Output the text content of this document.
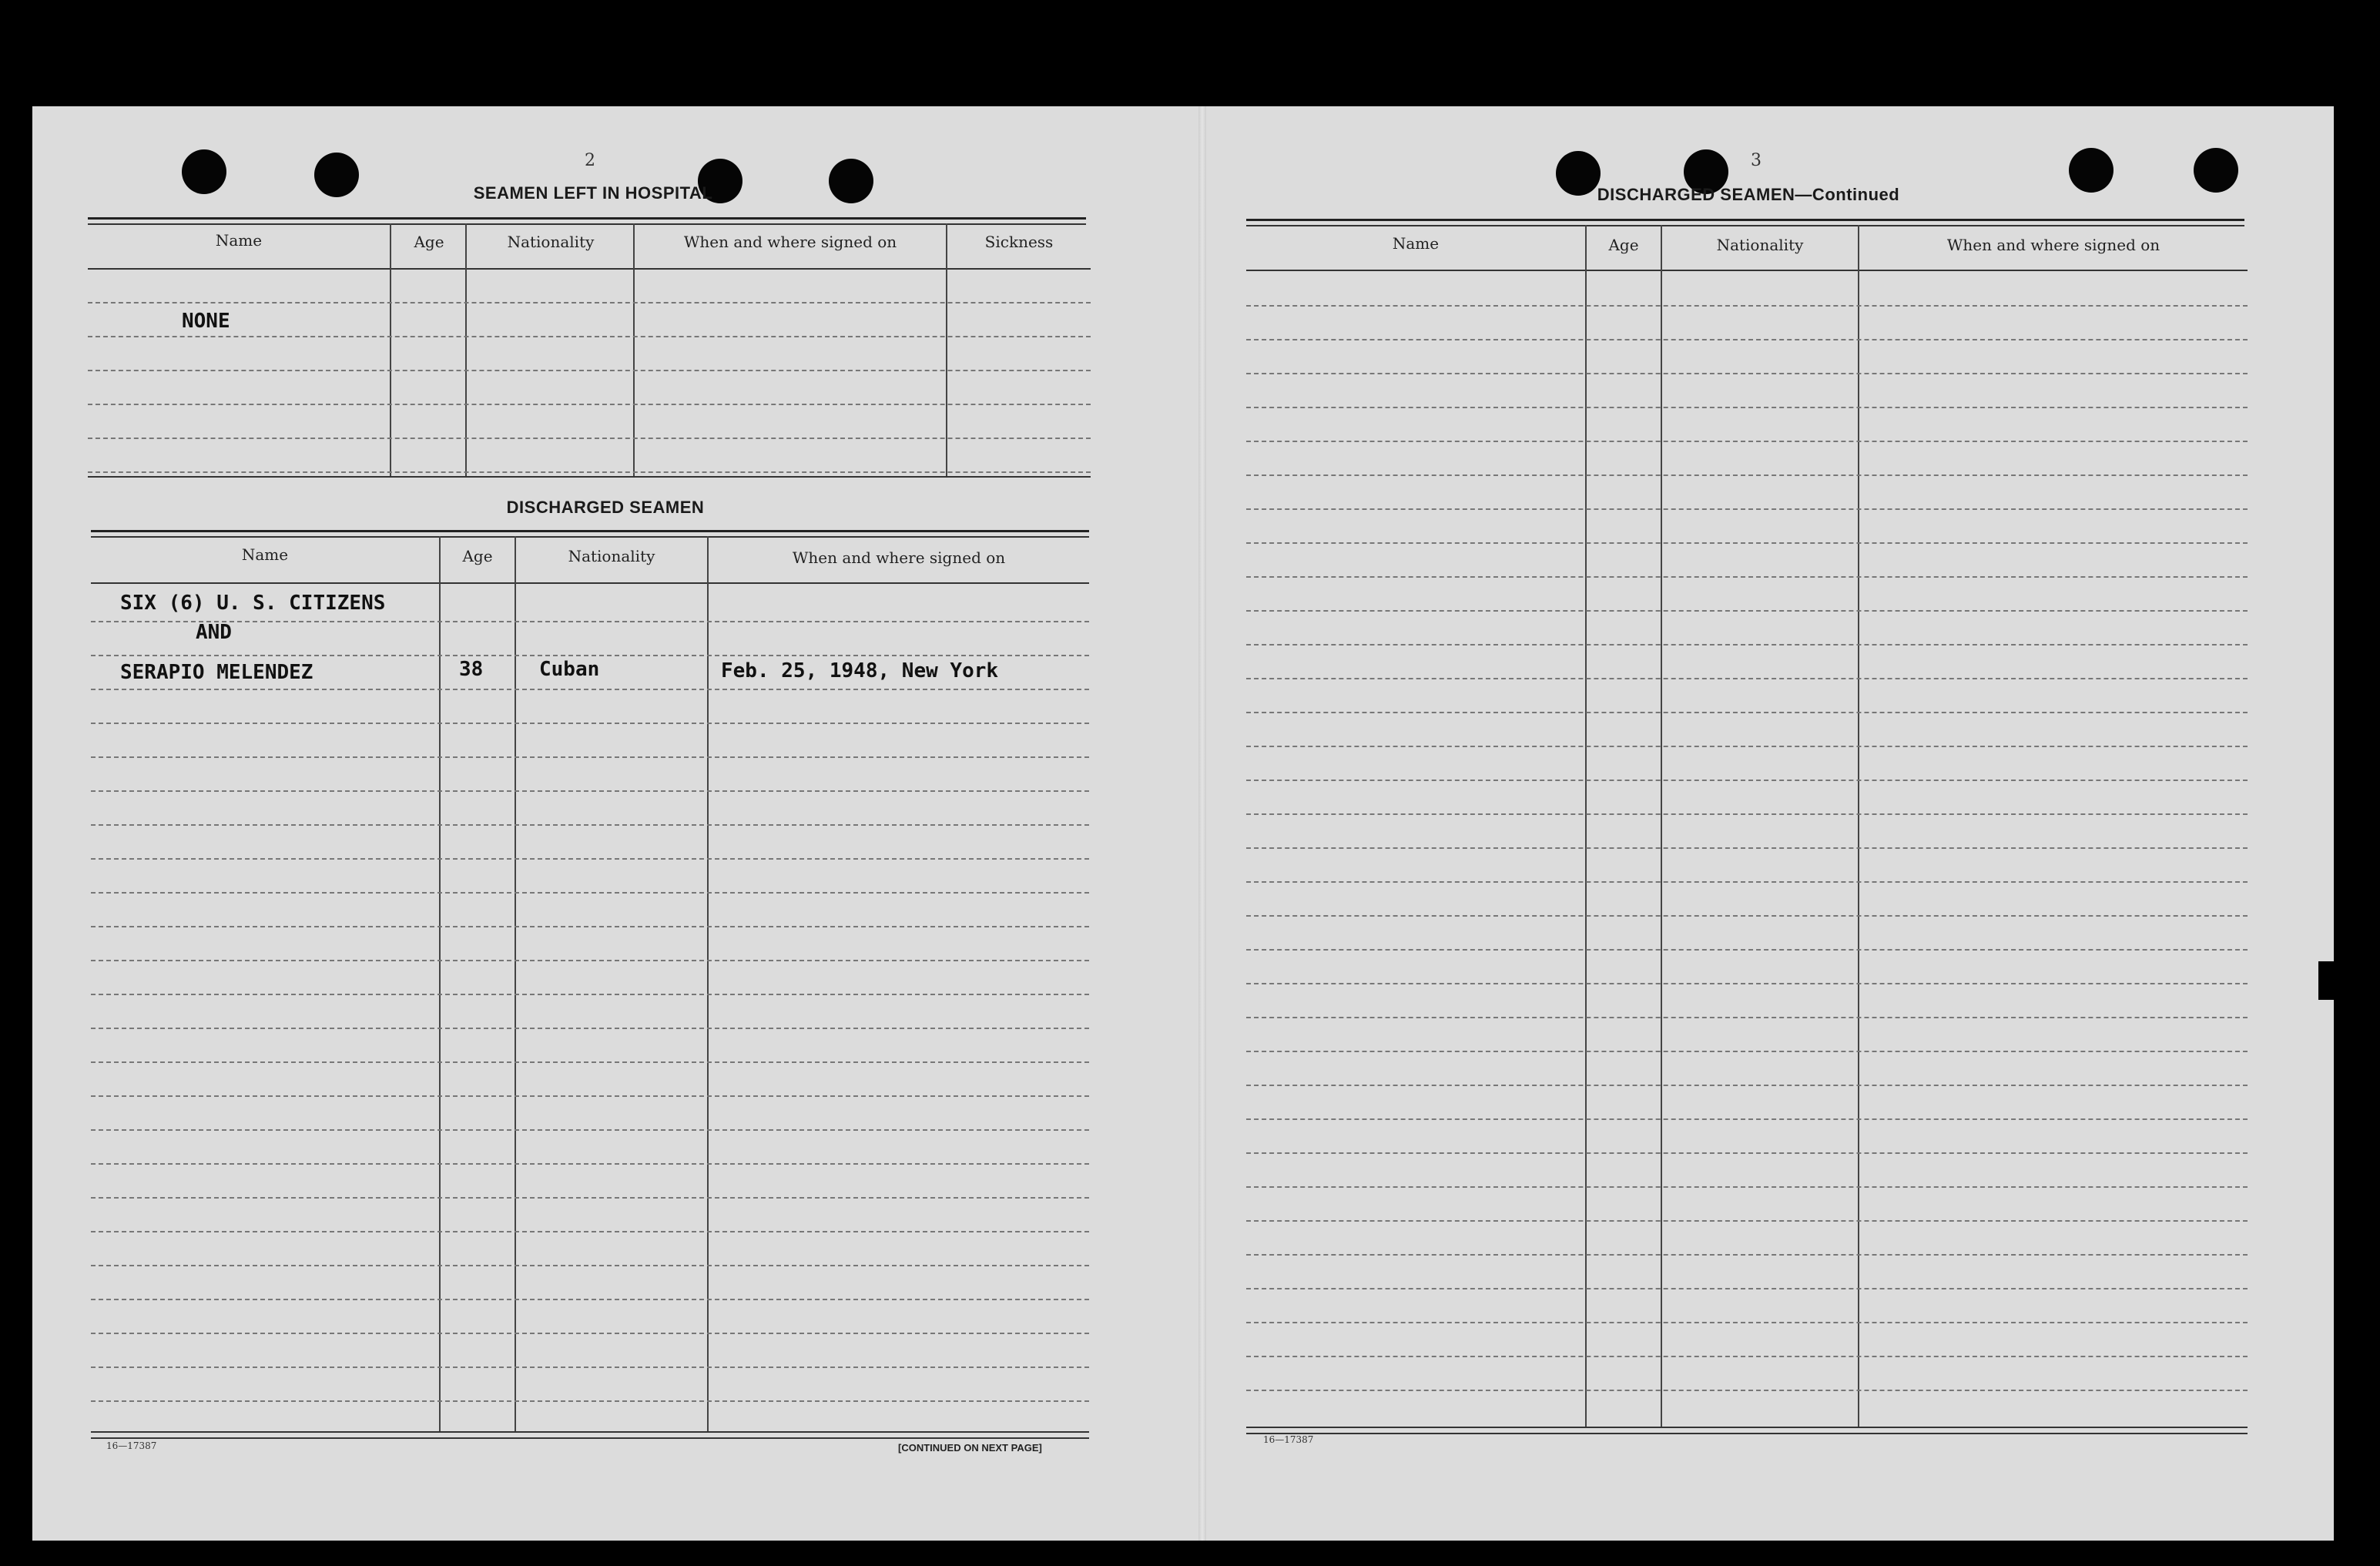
2
SEAMEN LEFT IN HOSPITAL
Name	Age	Nationality	When and where signed on	Sickness
NONE
DISCHARGED SEAMEN
Name	Age	Nationality	When and where signed on
SIX (6) U. S. CITIZENS
AND
SERAPIO MELENDEZ	38	Cuban	Feb. 25, 1948, New York
16—17387	[CONTINUED ON NEXT PAGE]
3
DISCHARGED SEAMEN—Continued
Name	Age	Nationality	When and where signed on
16—17387
